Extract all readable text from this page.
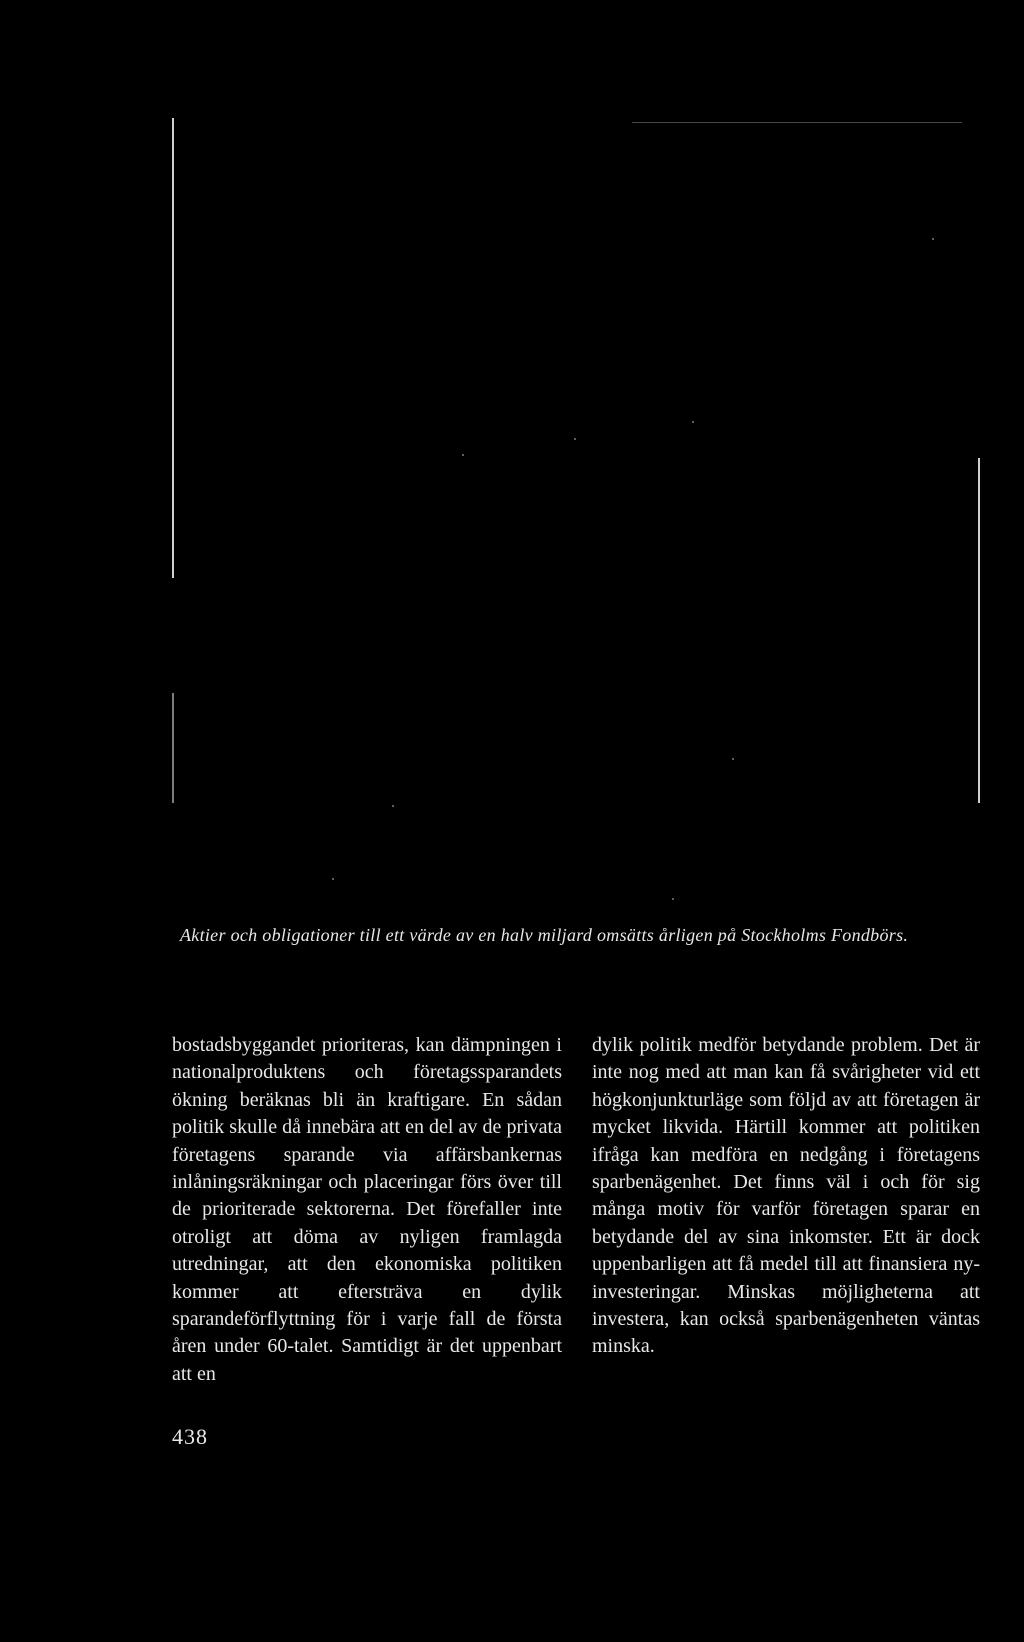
Aktier och obligationer till ett värde av en halv miljard omsätts årligen på Stockholms Fondbörs.
bostadsbyggandet prioriteras, kan dämpningen i nationalproduktens och företagssparandets ökning beräknas bli än kraftigare. En sådan politik skulle då innebära att en del av de privata företagens sparande via affärsbankernas inlåningsräkningar och placeringar förs över till de prioriterade sektorerna. Det förefaller inte otroligt att döma av nyligen framlagda utredningar, att den ekonomiska politiken kommer att eftersträva en dylik sparandeförflyttning för i varje fall de första åren under 60-talet. Samtidigt är det uppenbart att en
dylik politik medför betydande problem. Det är inte nog med att man kan få svårigheter vid ett högkonjunkturläge som följd av att företagen är mycket likvida. Härtill kommer att politiken ifråga kan medföra en nedgång i företagens sparbenägenhet. Det finns väl i och för sig många motiv för varför företagen sparar en betydande del av sina inkomster. Ett är dock uppenbarligen att få medel till att finansiera nyinvesteringar. Minskas möjligheterna att investera, kan också sparbenägenheten väntas minska.
438
